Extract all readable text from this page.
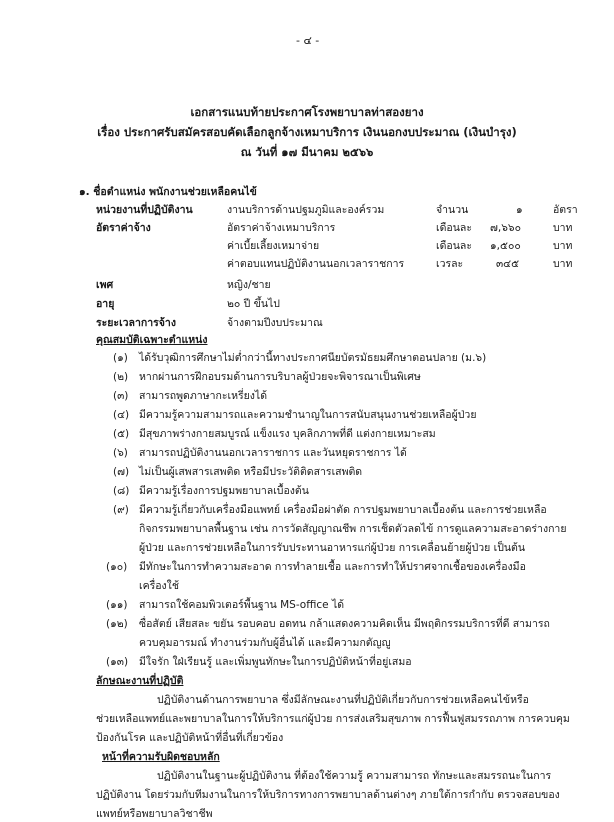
- ๔ -
เอกสารแนบท้ายประกาศโรงพยาบาลท่าสองยาง
เรื่อง ประกาศรับสมัครสอบคัดเลือกลูกจ้างเหมาบริการ เงินนอกงบประมาณ (เงินบำรุง)
ณ วันที่ ๑๗ มีนาคม ๒๕๖๖
๑. ชื่อตำแหน่ง พนักงานช่วยเหลือคนไข้
หน่วยงานที่ปฏิบัติงาน	งานบริการด้านปฐมภูมิและองค์รวม	จำนวน	๑	อัตรา
อัตราค่าจ้าง	อัตราค่าจ้างเหมาบริการ	เดือนละ ๗,๖๖๐	บาท
ค่าเบี้ยเลี้ยงเหมาจ่าย	เดือนละ ๑,๕๐๐	บาท
ค่าตอบแทนปฏิบัติงานนอกเวลาราชการ	เวรละ	๓๔๕	บาท
เพศ	หญิง/ชาย
อายุ	๒๐ ปี ขึ้นไป
ระยะเวลาการจ้าง	จ้างตามปีงบประมาณ
คุณสมบัติเฉพาะตำแหน่ง
(๑) ได้รับวุฒิการศึกษาไม่ต่ำกว่านี้ทางประกาศนียบัตรมัธยมศึกษาตอนปลาย (ม.๖)
(๒) หากผ่านการฝึกอบรมด้านการบริบาลผู้ป่วยจะพิจารณาเป็นพิเศษ
(๓) สามารถพูดภาษากะเหรี่ยงได้
(๔) มีความรู้ความสามารถและความชำนาญในการสนับสนุนงานช่วยเหลือผู้ป่วย
(๕) มีสุขภาพร่างกายสมบูรณ์ แข็งแรง บุคลิกภาพที่ดี แต่งกายเหมาะสม
(๖) สามารถปฏิบัติงานนอกเวลาราชการ และวันหยุดราชการ ได้
(๗) ไม่เป็นผู้เสพสารเสพติด หรือมีประวัติติดสารเสพติด
(๘) มีความรู้เรื่องการปฐมพยาบาลเบื้องต้น
(๙) มีความรู้เกี่ยวกับเครื่องมือแพทย์ เครื่องมือผ่าตัด การปฐมพยาบาลเบื้องต้น และการช่วยเหลือ
กิจกรรมพยาบาลพื้นฐาน เช่น การวัดสัญญาณชีพ การเช็ดตัวลดไข้ การดูแลความสะอาดร่างกาย
ผู้ป่วย และการช่วยเหลือในการรับประทานอาหารแก่ผู้ป่วย การเคลื่อนย้ายผู้ป่วย เป็นต้น
(๑๐) มีทักษะในการทำความสะอาด การทำลายเชื้อ และการทำให้ปราศจากเชื้อของเครื่องมือ
เครื่องใช้
(๑๑) สามารถใช้คอมพิวเตอร์พื้นฐาน MS-office ได้
(๑๒) ซื่อสัตย์ เสียสละ ขยัน รอบคอบ อดทน กล้าแสดงความคิดเห็น มีพฤติกรรมบริการที่ดี สามารถ
ควบคุมอารมณ์ ทำงานร่วมกับผู้อื่นได้ และมีความกตัญญู
(๑๓) มีใจรัก ใฝ่เรียนรู้ และเพิ่มพูนทักษะในการปฏิบัติหน้าที่อยู่เสมอ
ลักษณะงานที่ปฏิบัติ
ปฏิบัติงานด้านการพยาบาล ซึ่งมีลักษณะงานที่ปฏิบัติเกี่ยวกับการช่วยเหลือคนไข้หรือ
ช่วยเหลือแพทย์และพยาบาลในการให้บริการแก่ผู้ป่วย การส่งเสริมสุขภาพ การฟื้นฟูสมรรถภาพ การควบคุม
ป้องกันโรค และปฏิบัติหน้าที่อื่นที่เกี่ยวข้อง
หน้าที่ความรับผิดชอบหลัก
ปฏิบัติงานในฐานะผู้ปฏิบัติงาน ที่ต้องใช้ความรู้ ความสามารถ ทักษะและสมรรถนะในการ
ปฏิบัติงาน โดยร่วมกับทีมงานในการให้บริการทางการพยาบาลด้านต่างๆ ภายใต้การกำกับ ตรวจสอบของ
แพทย์หรือพยาบาลวิชาชีพ
